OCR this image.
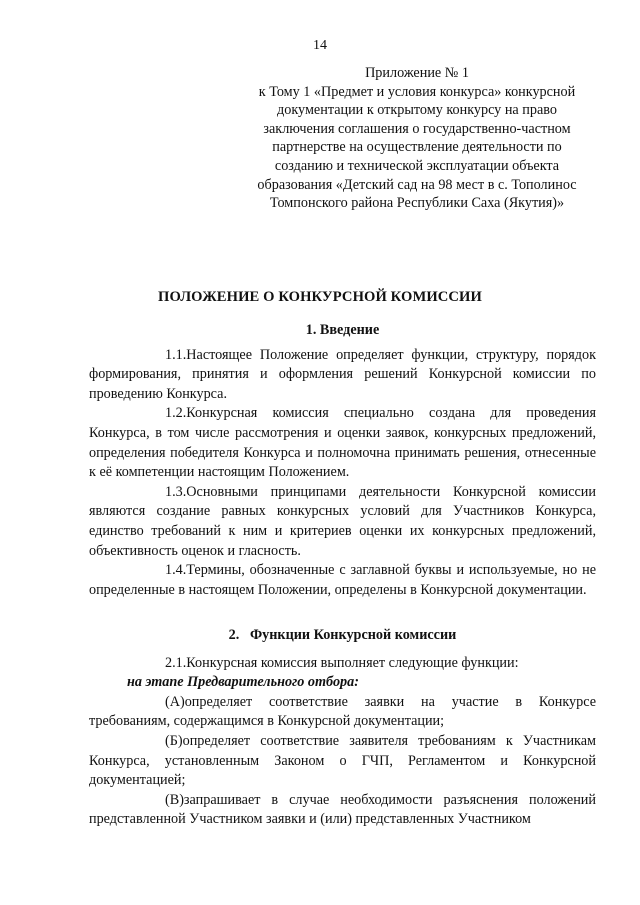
14
Приложение № 1
к Тому 1 «Предмет и условия конкурса» конкурсной
документации к открытому конкурсу на право
заключения соглашения о государственно-частном
партнерстве на осуществление деятельности по
созданию и технической эксплуатации объекта
образования «Детский сад на 98 мест в с. Тополинос
Томпонского района Республики Саха (Якутия)»
ПОЛОЖЕНИЕ О КОНКУРСНОЙ КОМИССИИ
1. Введение

1.1.Настоящее Положение определяет функции, структуру, порядок формирования, принятия и оформления решений Конкурсной комиссии по проведению Конкурса.

1.2.Конкурсная комиссия специально создана для проведения Конкурса, в том числе рассмотрения и оценки заявок, конкурсных предложений, определения победителя Конкурса и полномочна принимать решения, отнесенные к её компетенции настоящим Положением.

1.3.Основными принципами деятельности Конкурсной комиссии являются создание равных конкурсных условий для Участников Конкурса, единство требований к ним и критериев оценки их конкурсных предложений, объективность оценок и гласность.

1.4.Термины, обозначенные с заглавной буквы и используемые, но не определенные в настоящем Положении, определены в Конкурсной документации.

2.   Функции Конкурсной комиссии

2.1.Конкурсная комиссия выполняет следующие функции:

на этапе Предварительного отбора:

(А)определяет соответствие заявки на участие в Конкурсе требованиям, содержащимся в Конкурсной документации;

(Б)определяет соответствие заявителя требованиям к Участникам Конкурса, установленным Законом о ГЧП, Регламентом и Конкурсной документацией;

(В)запрашивает в случае необходимости разъяснения положений представленной Участником заявки и (или) представленных Участником
